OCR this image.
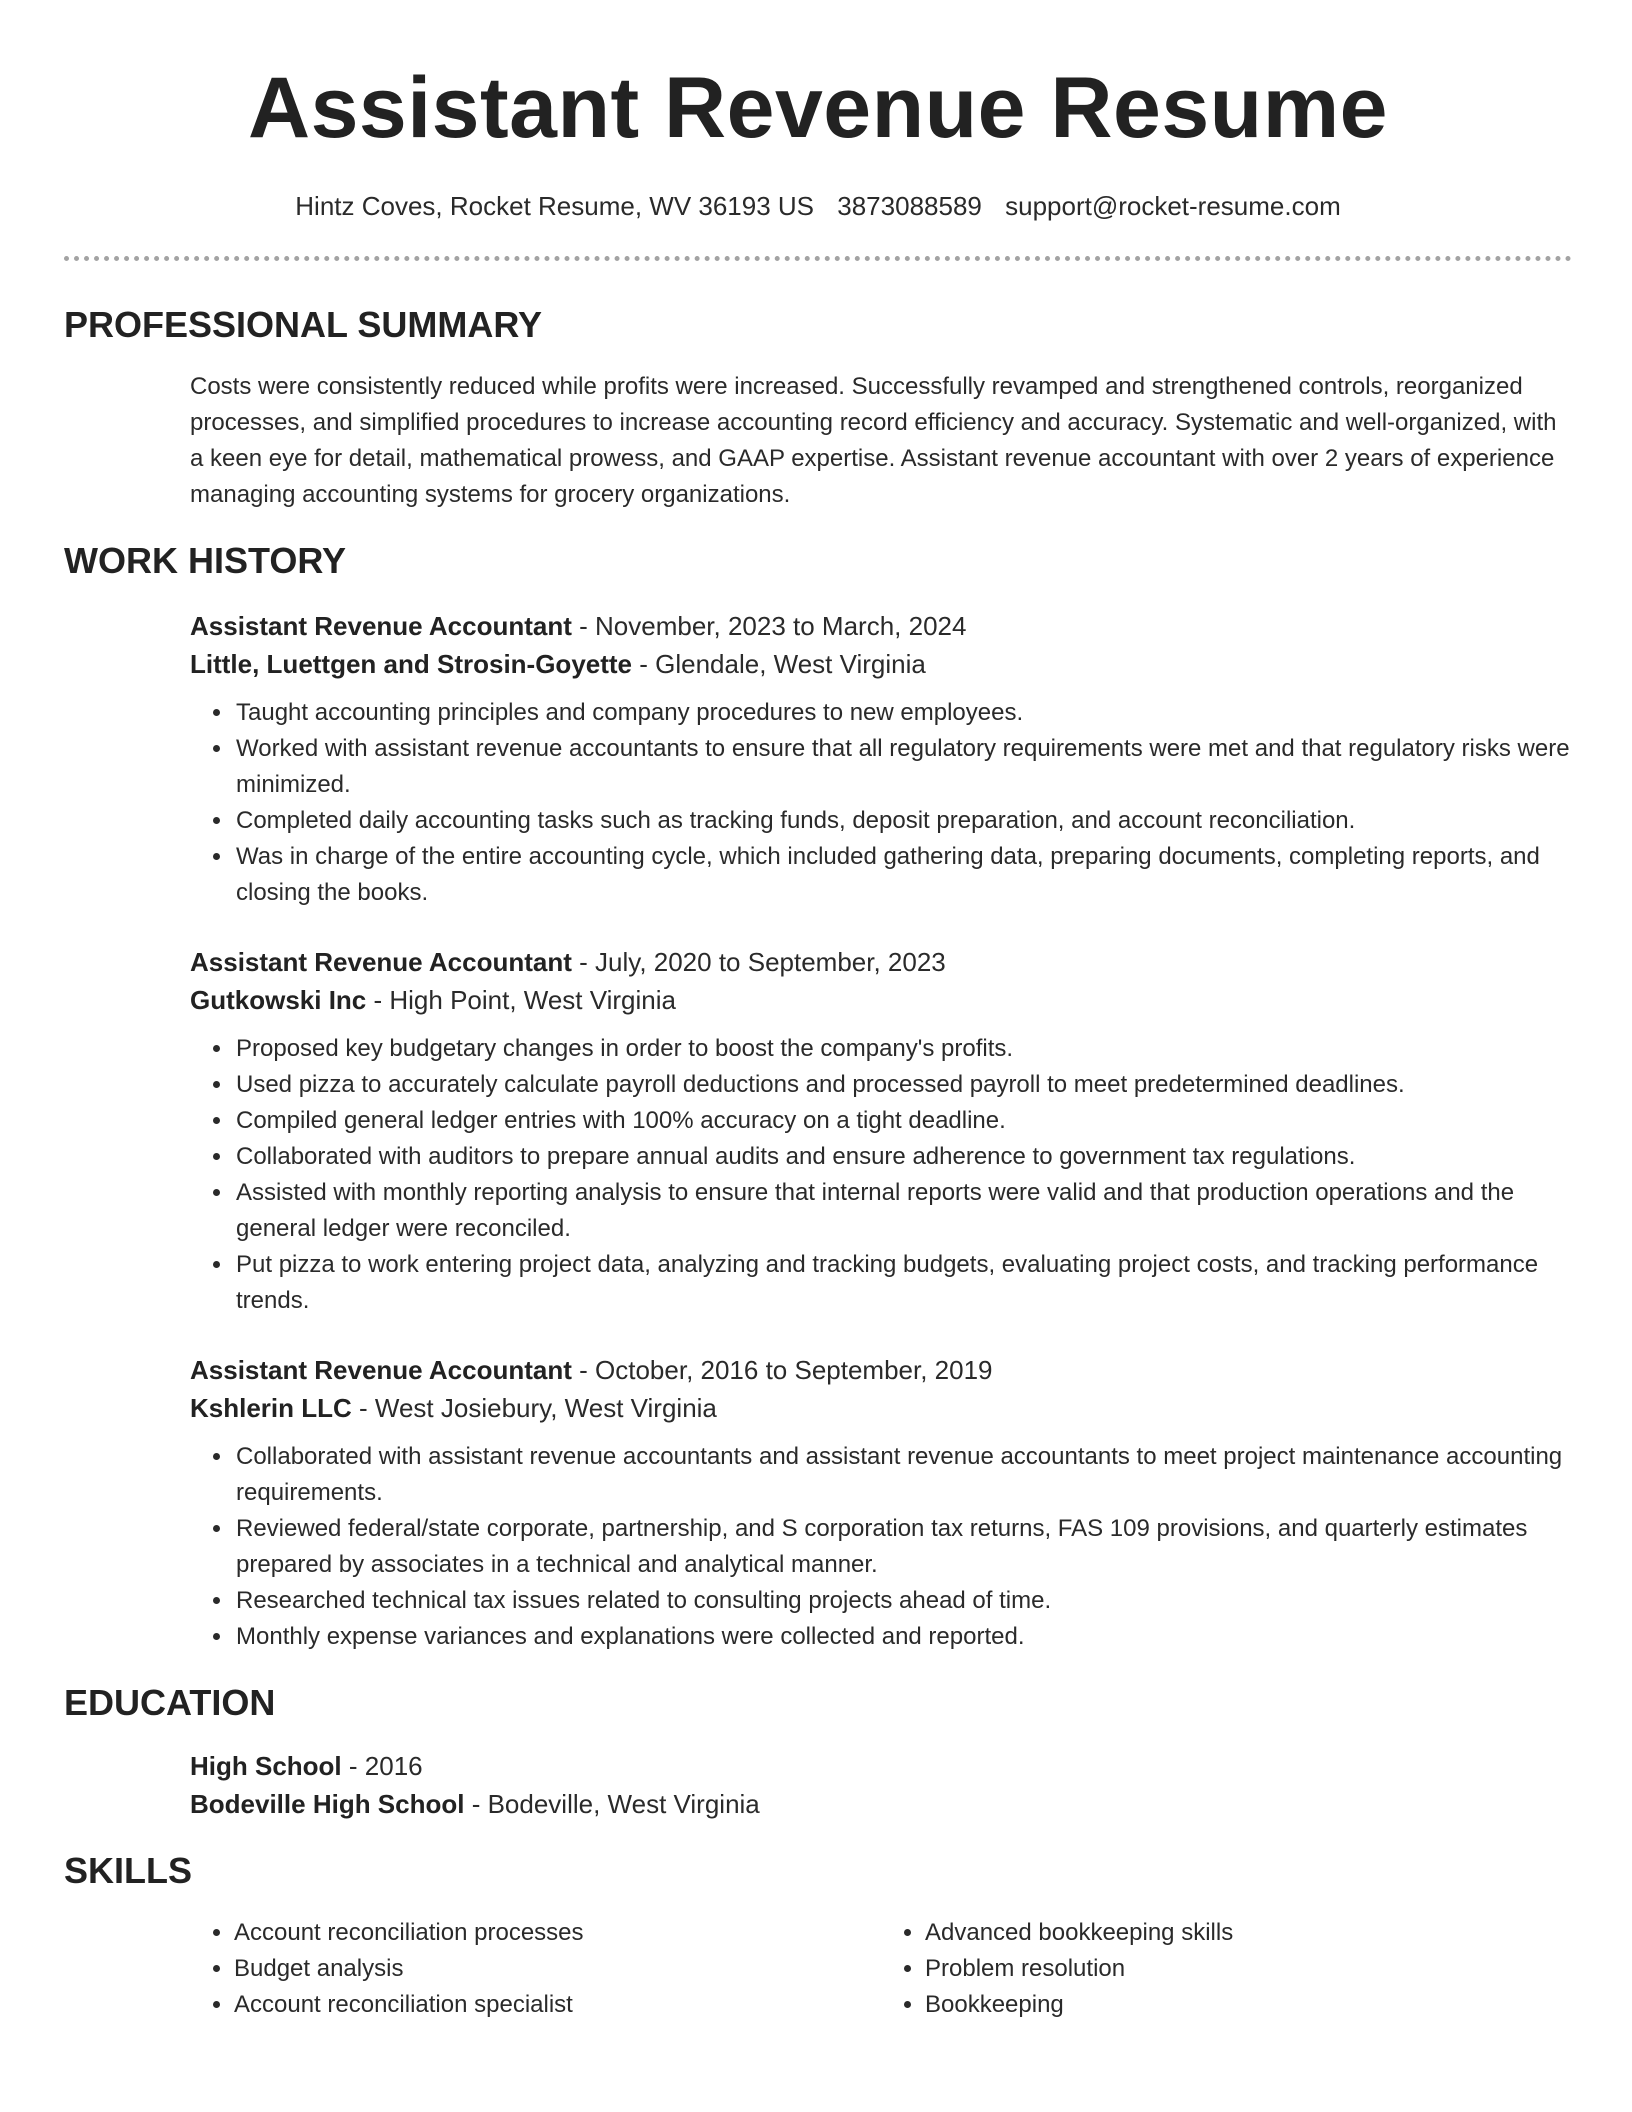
Assistant Revenue Resume
Hintz Coves, Rocket Resume, WV 36193 US 3873088589 support@rocket-resume.com
PROFESSIONAL SUMMARY
Costs were consistently reduced while profits were increased. Successfully revamped and strengthened controls, reorganized processes, and simplified procedures to increase accounting record efficiency and accuracy. Systematic and well-organized, with a keen eye for detail, mathematical prowess, and GAAP expertise. Assistant revenue accountant with over 2 years of experience managing accounting systems for grocery organizations.
WORK HISTORY
Assistant Revenue Accountant - November, 2023 to March, 2024
Little, Luettgen and Strosin-Goyette - Glendale, West Virginia
• Taught accounting principles and company procedures to new employees.
• Worked with assistant revenue accountants to ensure that all regulatory requirements were met and that regulatory risks were minimized.
• Completed daily accounting tasks such as tracking funds, deposit preparation, and account reconciliation.
• Was in charge of the entire accounting cycle, which included gathering data, preparing documents, completing reports, and closing the books.
Assistant Revenue Accountant - July, 2020 to September, 2023
Gutkowski Inc - High Point, West Virginia
• Proposed key budgetary changes in order to boost the company's profits.
• Used pizza to accurately calculate payroll deductions and processed payroll to meet predetermined deadlines.
• Compiled general ledger entries with 100% accuracy on a tight deadline.
• Collaborated with auditors to prepare annual audits and ensure adherence to government tax regulations.
• Assisted with monthly reporting analysis to ensure that internal reports were valid and that production operations and the general ledger were reconciled.
• Put pizza to work entering project data, analyzing and tracking budgets, evaluating project costs, and tracking performance trends.
Assistant Revenue Accountant - October, 2016 to September, 2019
Kshlerin LLC - West Josiebury, West Virginia
• Collaborated with assistant revenue accountants and assistant revenue accountants to meet project maintenance accounting requirements.
• Reviewed federal/state corporate, partnership, and S corporation tax returns, FAS 109 provisions, and quarterly estimates prepared by associates in a technical and analytical manner.
• Researched technical tax issues related to consulting projects ahead of time.
• Monthly expense variances and explanations were collected and reported.
EDUCATION
High School - 2016
Bodeville High School - Bodeville, West Virginia
SKILLS
• Account reconciliation processes
• Budget analysis
• Account reconciliation specialist
• Advanced bookkeeping skills
• Problem resolution
• Bookkeeping
